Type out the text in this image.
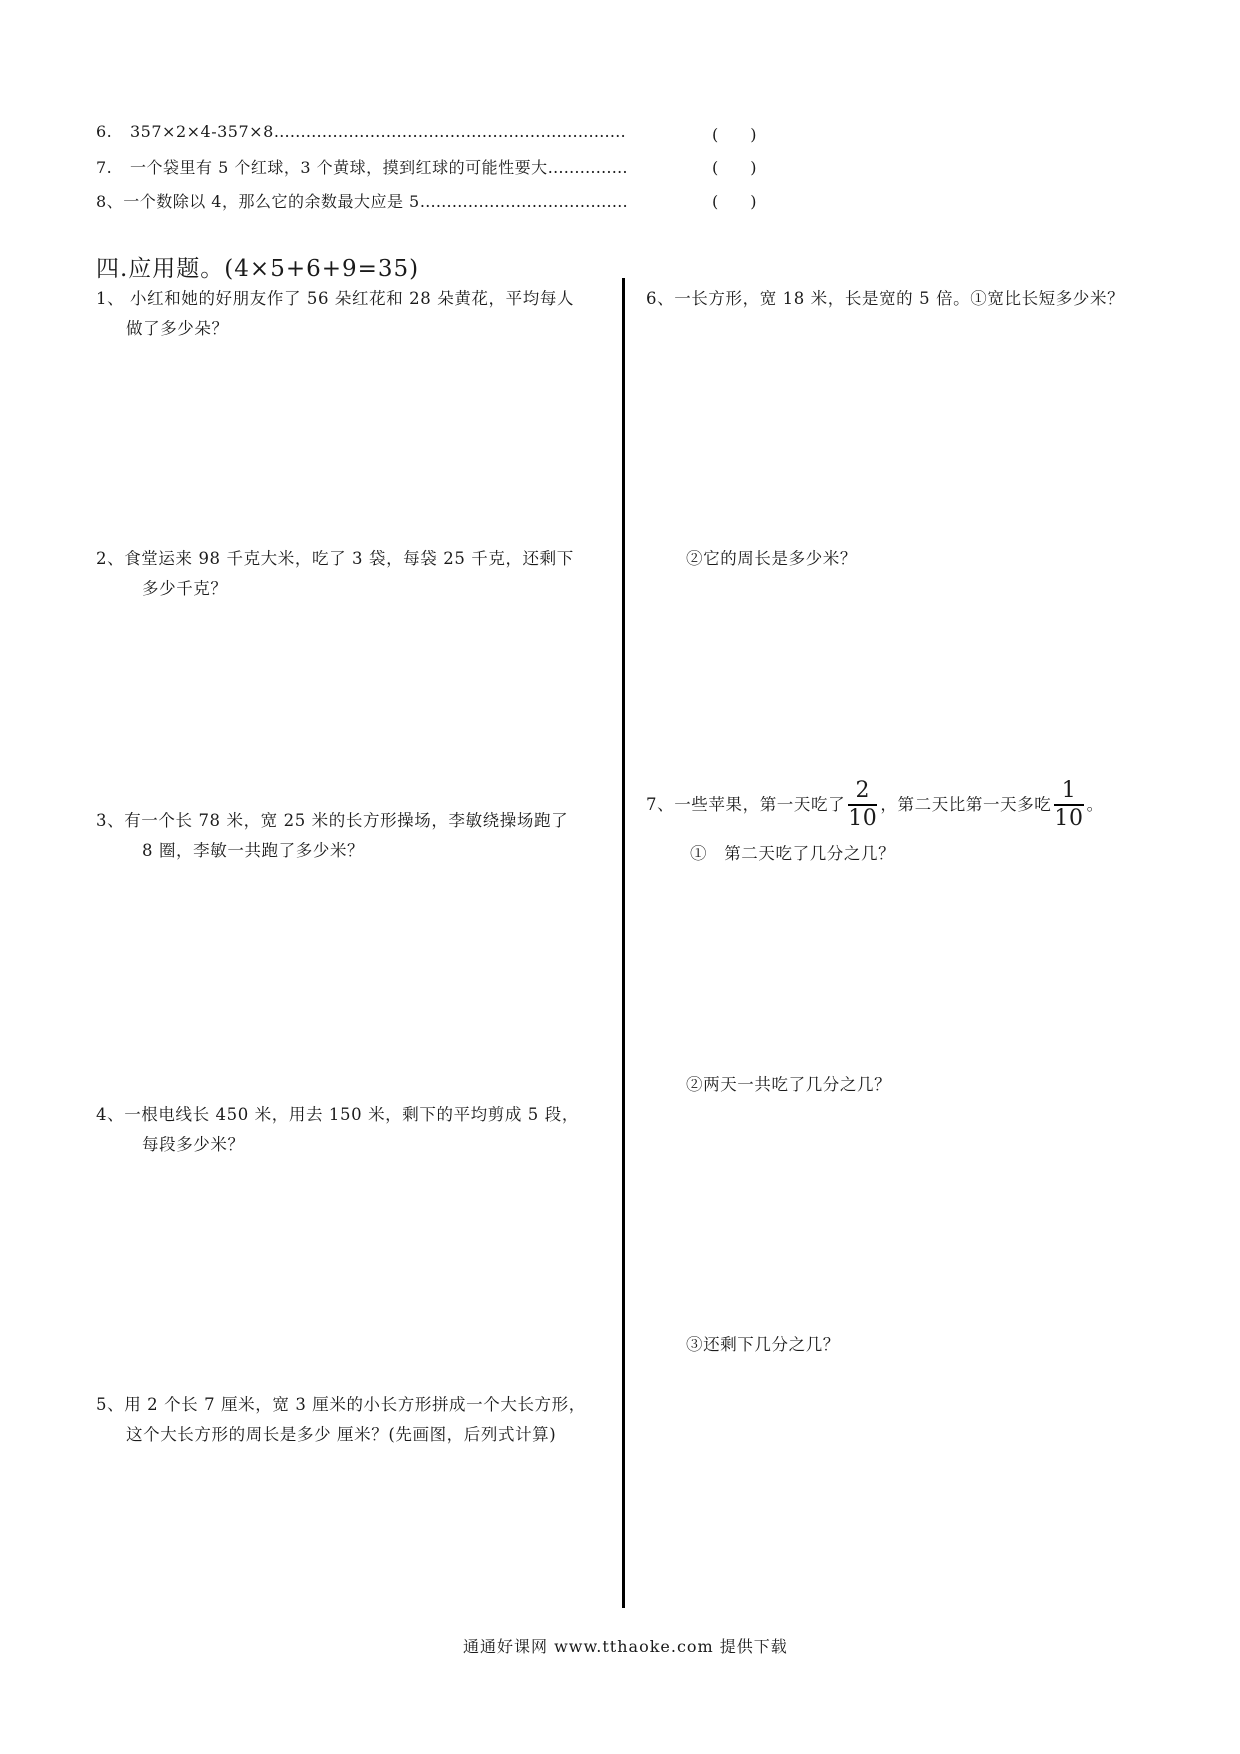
6. 357×2×4-357×8…………………………………………………………	(　　)
7. 一个袋里有 5 个红球，3 个黄球，摸到红球的可能性要大……………	(　　)
8、一个数除以 4，那么它的余数最大应是 5…………………………………	(　　)
四.应用题。(4×5+6+9=35)
1、 小红和她的好朋友作了 56 朵红花和 28 朵黄花，平均每人
做了多少朵？
2、食堂运来 98 千克大米，吃了 3 袋，每袋 25 千克，还剩下
多少千克？
3、有一个长 78 米，宽 25 米的长方形操场，李敏绕操场跑了
8 圈，李敏一共跑了多少米？
4、一根电线长 450 米，用去 150 米，剩下的平均剪成 5 段，
每段多少米？
5、用 2 个长 7 厘米，宽 3 厘米的小长方形拼成一个大长方形，
这个大长方形的周长是多少 厘米？(先画图，后列式计算)
6、一长方形，宽 18 米，长是宽的 5 倍。①宽比长短多少米？
②它的周长是多少米？
7、一些苹果，第一天吃了 $\frac{2}{10}$ ，第二天比第一天多吃 $\frac{1}{10}$ 。
①　第二天吃了几分之几？
②两天一共吃了几分之几？
③还剩下几分之几？
通通好课网 www.tthaoke.com 提供下载
